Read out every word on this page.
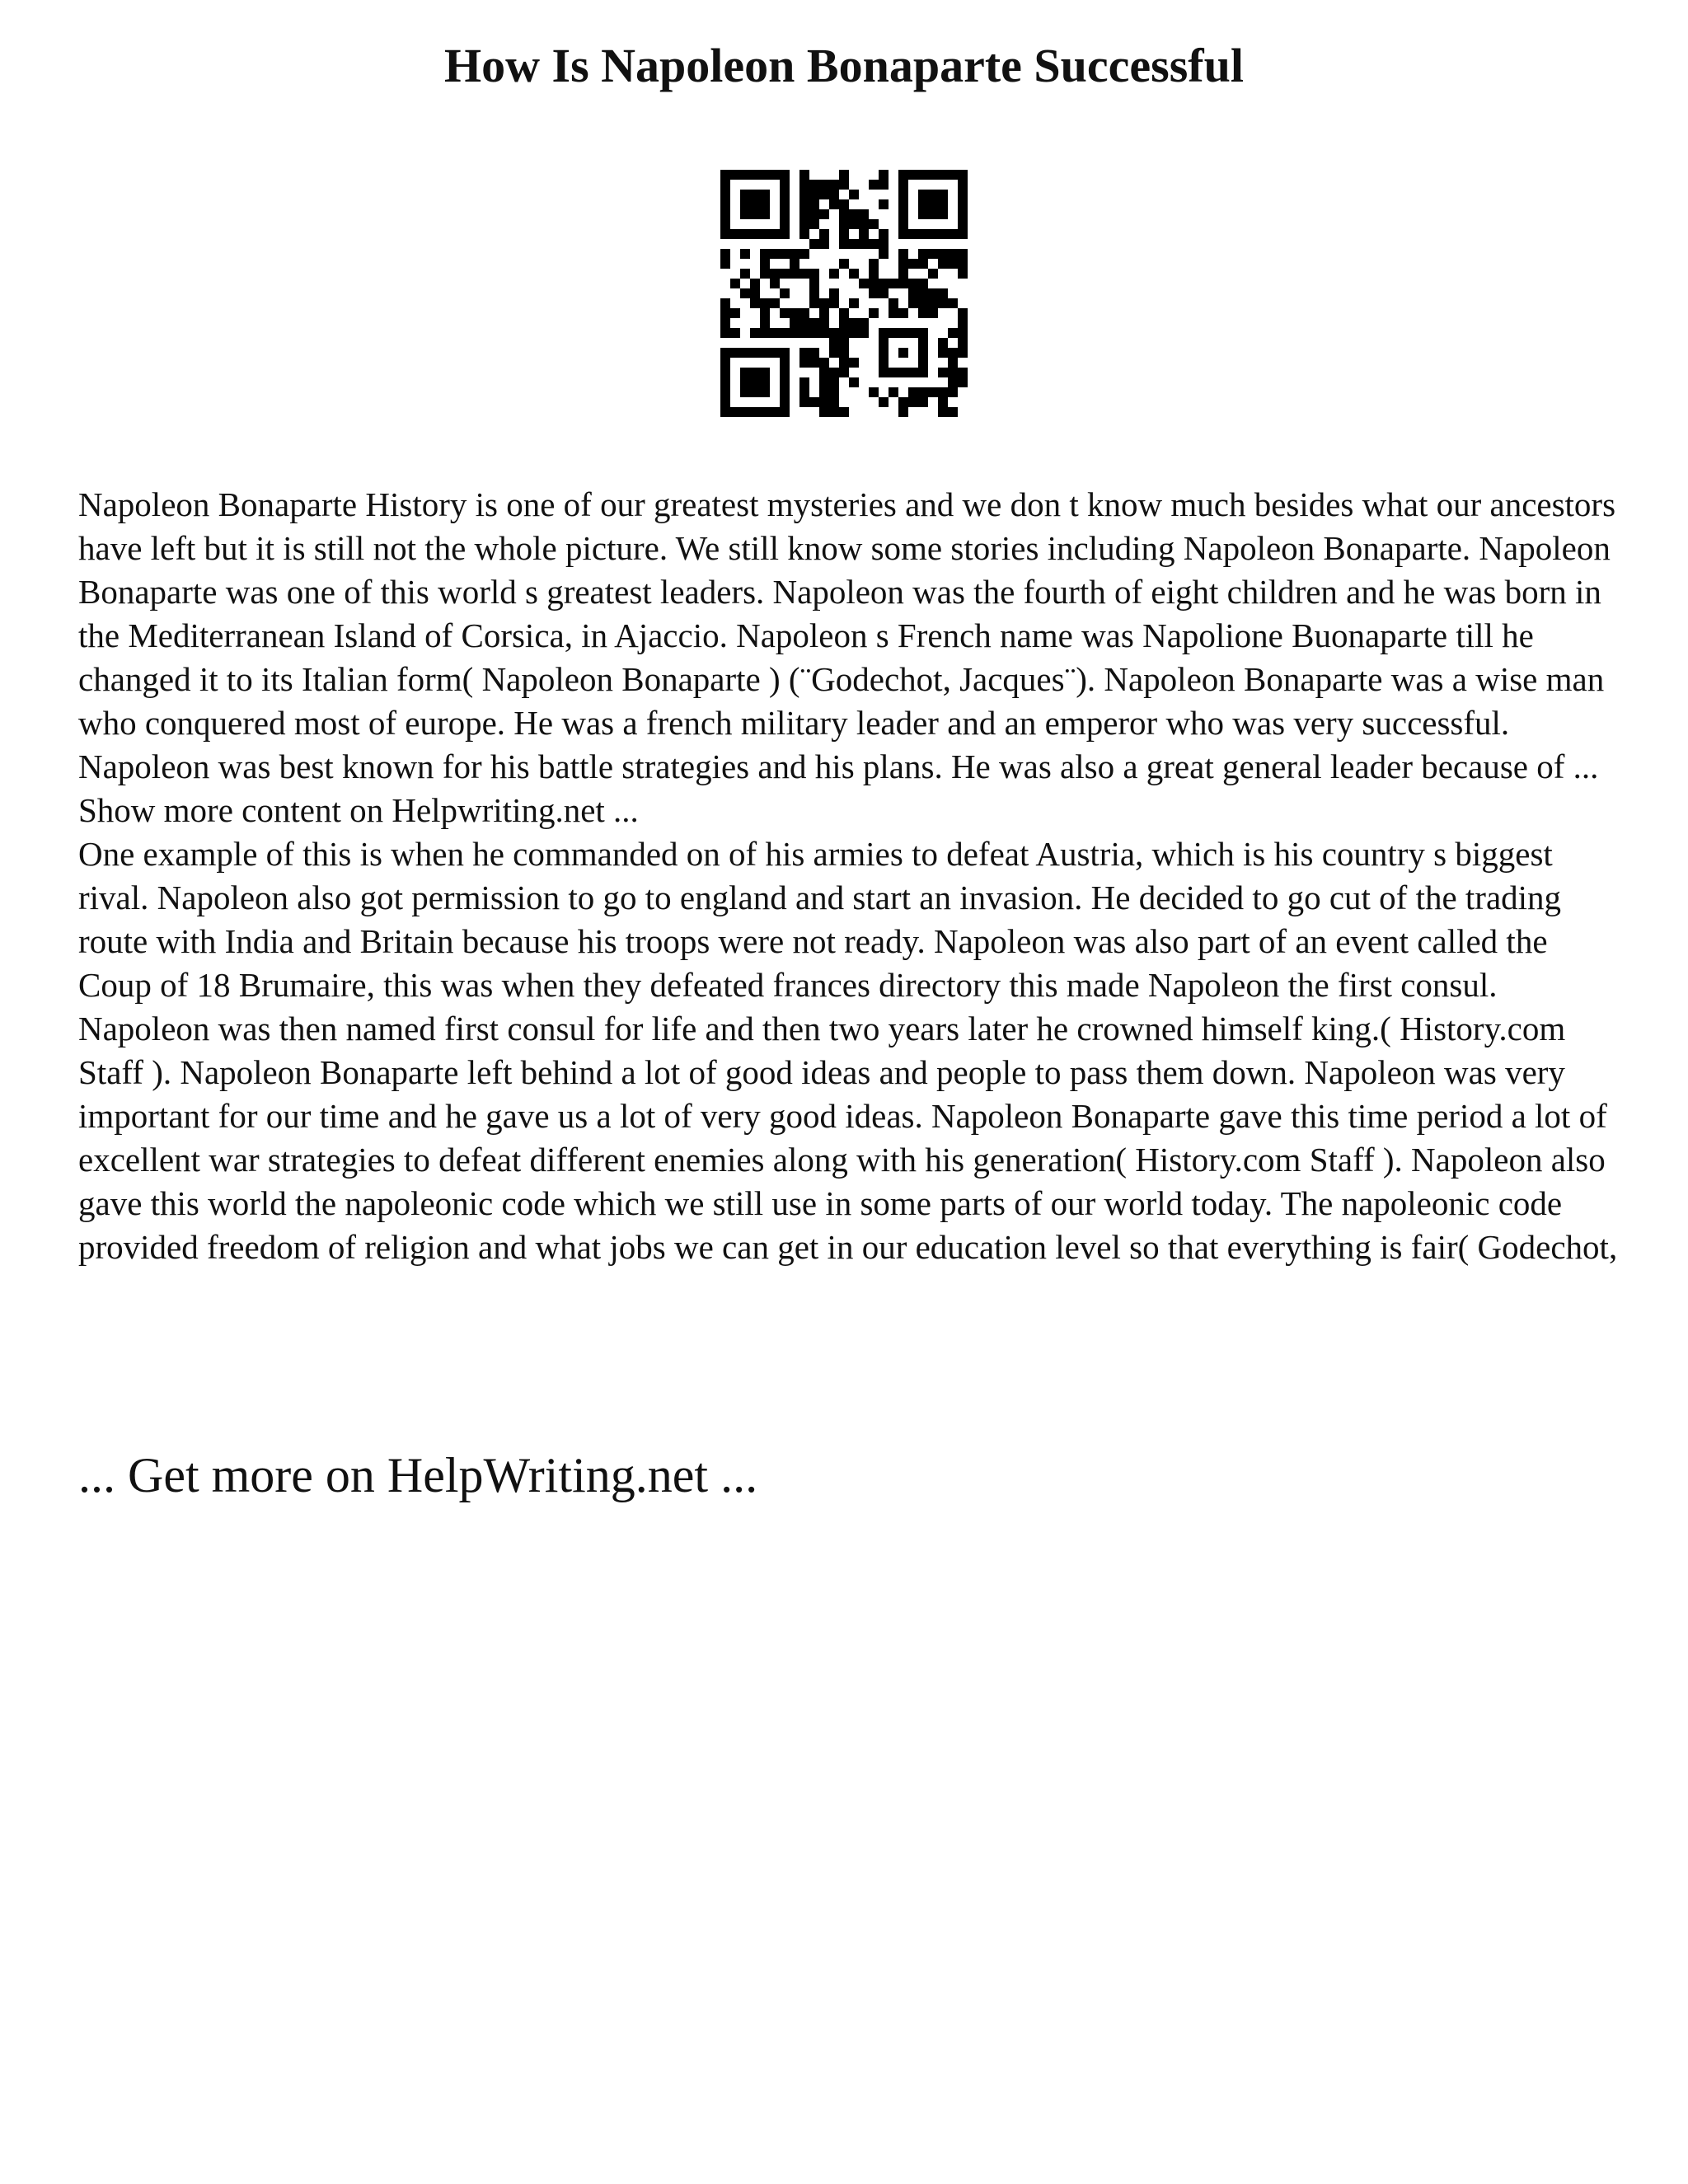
How Is Napoleon Bonaparte Successful

Napoleon Bonaparte History is one of our greatest mysteries and we don t know much besides what our ancestors have left but it is still not the whole picture. We still know some stories including Napoleon Bonaparte. Napoleon Bonaparte was one of this world s greatest leaders. Napoleon was the fourth of eight children and he was born in the Mediterranean Island of Corsica, in Ajaccio. Napoleon s French name was Napolione Buonaparte till he changed it to its Italian form( Napoleon Bonaparte ) (¨Godechot, Jacques¨). Napoleon Bonaparte was a wise man who conquered most of europe. He was a french military leader and an emperor who was very successful. Napoleon was best known for his battle strategies and his plans. He was also a great general leader because of ... Show more content on Helpwriting.net ...

One example of this is when he commanded on of his armies to defeat Austria, which is his country s biggest rival. Napoleon also got permission to go to england and start an invasion. He decided to go cut of the trading route with India and Britain because his troops were not ready. Napoleon was also part of an event called the Coup of 18 Brumaire, this was when they defeated frances directory this made Napoleon the first consul. Napoleon was then named first consul for life and then two years later he crowned himself king.( History.com Staff ). Napoleon Bonaparte left behind a lot of good ideas and people to pass them down. Napoleon was very important for our time and he gave us a lot of very good ideas. Napoleon Bonaparte gave this time period a lot of excellent war strategies to defeat different enemies along with his generation( History.com Staff ). Napoleon also gave this world the napoleonic code which we still use in some parts of our world today. The napoleonic code provided freedom of religion and what jobs we can get in our education level so that everything is fair( Godechot,

... Get more on HelpWriting.net ...
